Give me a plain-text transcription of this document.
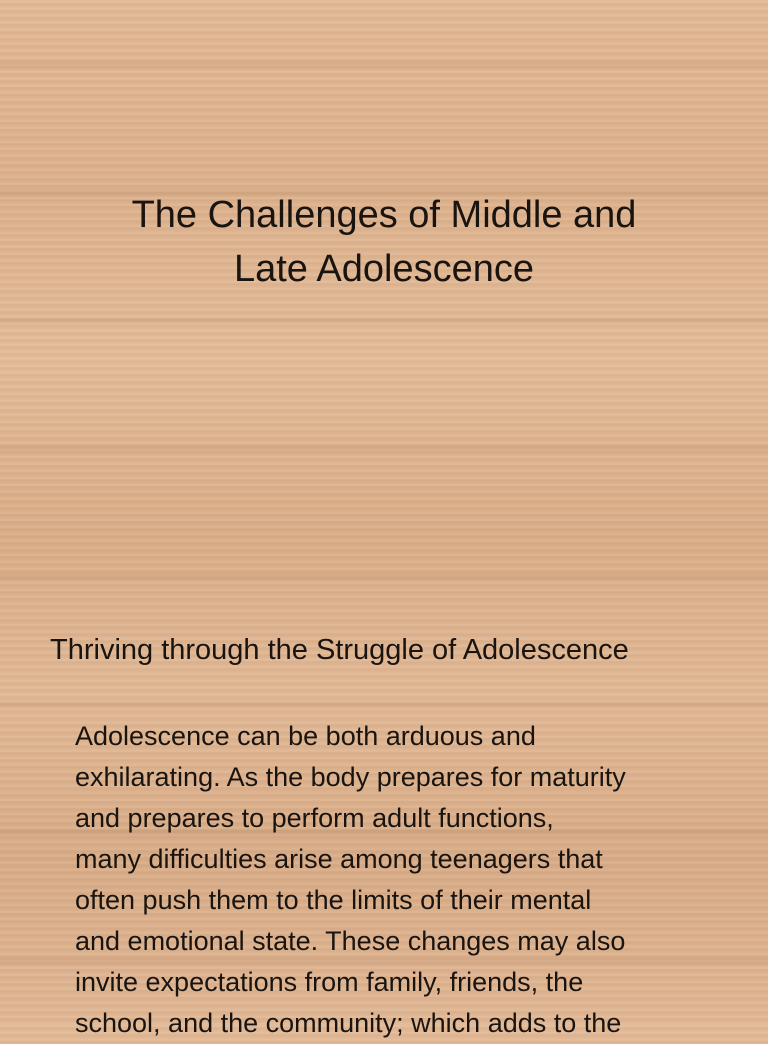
The Challenges of Middle and
Late Adolescence
Thriving through the Struggle of Adolescence

Adolescence can be both arduous and
exhilarating. As the body prepares for maturity
and prepares to perform adult functions,
many difficulties arise among teenagers that
often push them to the limits of their mental
and emotional state. These changes may also
invite expectations from family, friends, the
school, and the community; which adds to the
